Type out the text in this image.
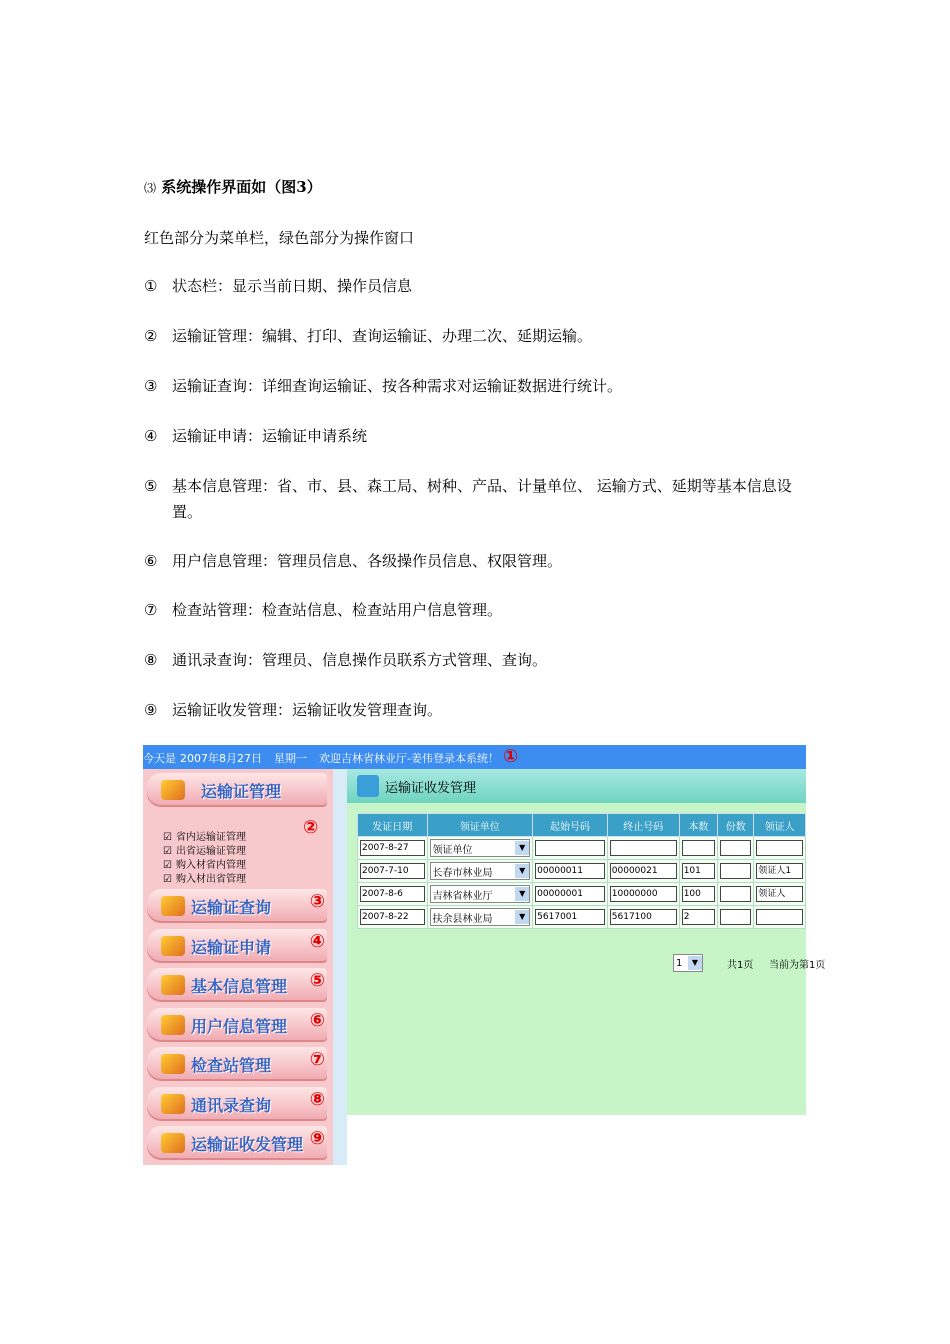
⑶ 系统操作界面如（图3）
红色部分为菜单栏，绿色部分为操作窗口
① 状态栏：显示当前日期、操作员信息
② 运输证管理：编辑、打印、查询运输证、办理二次、延期运输。
③ 运输证查询：详细查询运输证、按各种需求对运输证数据进行统计。
④ 运输证申请：运输证申请系统
⑤ 基本信息管理：省、市、县、森工局、树种、产品、计量单位、 运输方式、延期等基本信息设置。
⑥ 用户信息管理：管理员信息、各级操作员信息、权限管理。
⑦ 检查站管理：检查站信息、检查站用户信息管理。
⑧ 通讯录查询：管理员、信息操作员联系方式管理、查询。
⑨ 运输证收发管理：运输证收发管理查询。
今天是 2007年8月27日 星期一 欢迎吉林省林业厅-姜伟登录本系统！ ①
运输证管理
②
☑ 省内运输证管理
☑ 出省运输证管理
☑ 购入材省内管理
☑ 购入材出省管理
运输证查询 ③
运输证申请 ④
基本信息管理 ⑤
用户信息管理 ⑥
检查站管理 ⑦
通讯录查询 ⑧
运输证收发管理 ⑨
运输证收发管理
发证日期	领证单位	起始号码	终止号码	本数	份数	领证人

2007-8-27	领证单位 ▼					

2007-7-10	长春市林业局 ▼	00000011	00000021	101		领证人1

2007-8-6	吉林省林业厅 ▼	00000001	10000000	100		领证人

2007-8-22	扶余县林业局 ▼	5617001	5617100	2		

1	▼	共1页 当前为第1页
